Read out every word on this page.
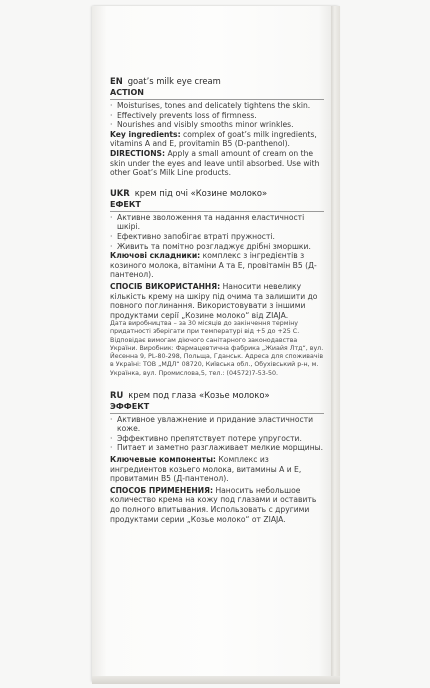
EN goat’s milk eye cream
ACTION
· Moisturises, tones and delicately tightens the skin.
· Effectively prevents loss of firmness.
· Nourishes and visibly smooths minor wrinkles.

Key ingredients: complex of goat’s milk ingredients, vitamins A and E, provitamin B5 (D-panthenol).

DIRECTIONS: Apply a small amount of cream on the skin under the eyes and leave until absorbed. Use with other Goat’s Milk Line products.

UKR крем під очі «Козине молоко»
ЕФЕКТ
· Активне зволоження та надання еластичності шкірі.
· Ефективно запобігає втраті пружності.
· Живить та помітно розгладжує дрібні зморшки.

Ключові складники: комплекс з інгредієнтів з козиного молока, вітаміни А та Е, провітамін B5 (Д-пантенол).

СПОСІБ ВИКОРИСТАННЯ: Наносити невелику кількість крему на шкіру під очима та залишити до повного поглинання. Використовувати з іншими продуктами серії „Козине молоко“ від ZIAJA.

Дата виробництва – за 30 місяців до закінчення терміну придатності зберігати при температурі від +5 до +25 С. Відповідає вимогам діючого санітарного законодавства України. Виробник: Фармацевтична фабрика „Жиайя Лтд“, вул. Йесенна 9, PL-80-298, Польща, Гданськ. Адреса для споживачів в Україні: ТОВ „МДЛ“ 08720, Київська обл., Обухівський р-н, м. Українка, вул. Промислова,5, тел.: (04572)7-53-50.

RU крем под глаза «Козье молоко»
ЭФФЕКТ
· Активное увлажнение и придание эластичности коже.
· Эффективно препятствует потере упругости.
· Питает и заметно разглаживает мелкие морщины.

Ключевые компоненты: Комплекс из ингредиентов козьего молока, витамины А и Е, провитамин B5 (Д-пантенол).

СПОСОБ ПРИМЕНЕНИЯ: Наносить небольшое количество крема на кожу под глазами и оставить до полного впитывания. Использовать с другими продуктами серии „Козье молоко“ от ZIAJA.
